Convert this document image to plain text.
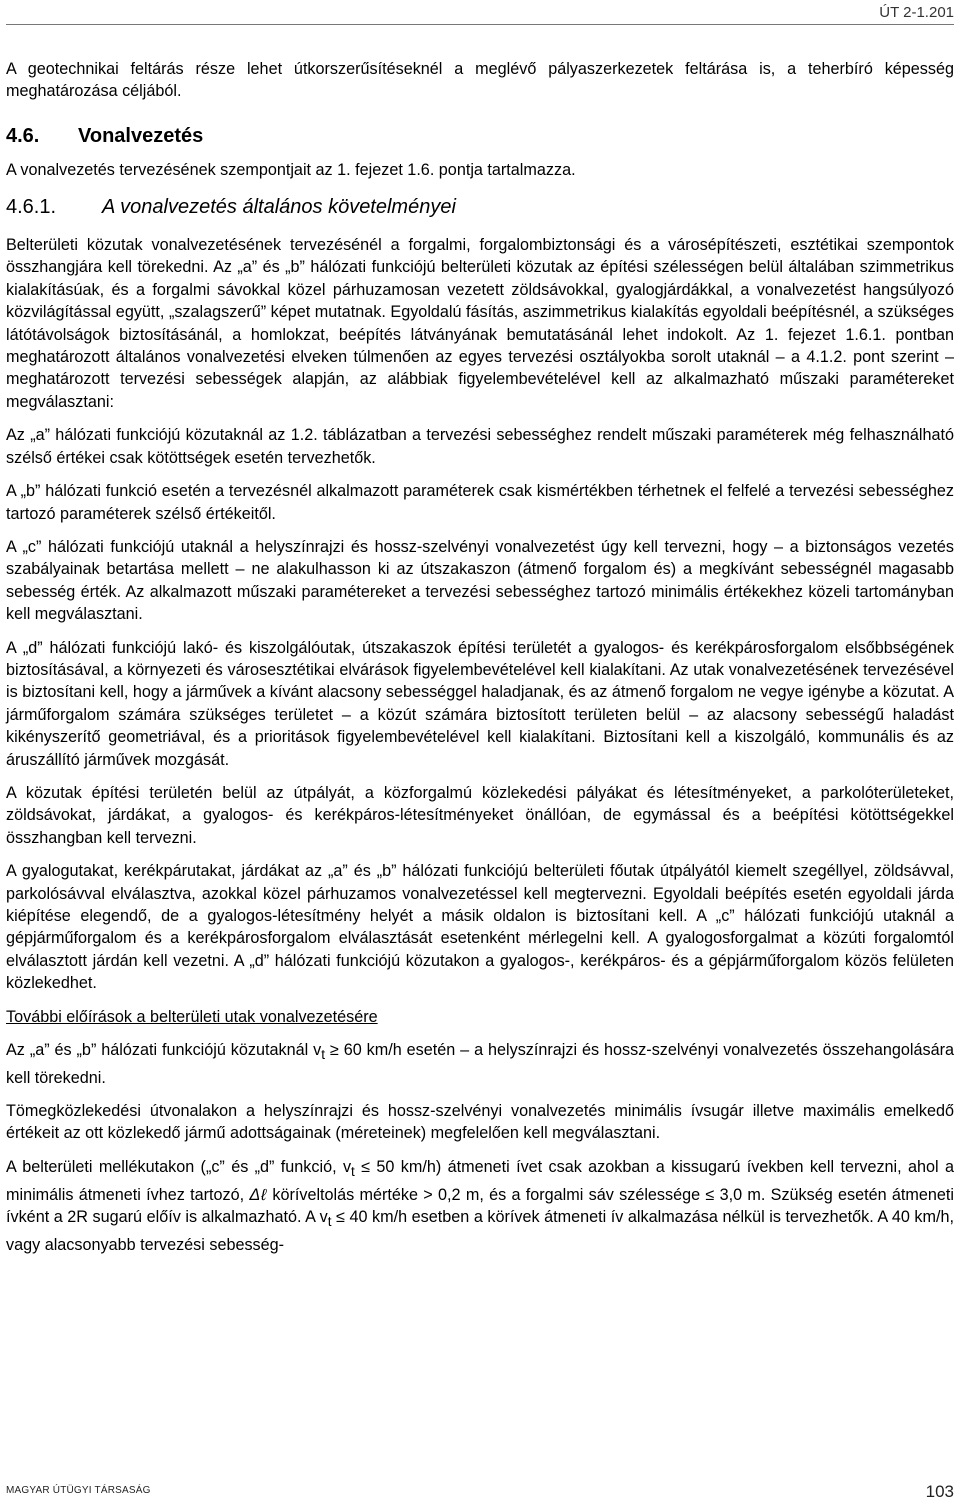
ÚT 2-1.201

A geotechnikai feltárás része lehet útkorszerűsítéseknél a meglévő pályaszerkezetek feltárása is, a teherbíró képesség meghatározása céljából.

4.6. Vonalvezetés

A vonalvezetés tervezésének szempontjait az 1. fejezet 1.6. pontja tartalmazza.

4.6.1. A vonalvezetés általános követelményei

Belterületi közutak vonalvezetésének tervezésénél a forgalmi, forgalombiztonsági és a városépítészeti, esztétikai szempontok összhangjára kell törekedni. Az „a” és „b” hálózati funkciójú belterületi közutak az építési szélességen belül általában szimmetrikus kialakításúak, és a forgalmi sávokkal közel párhuzamosan vezetett zöldsávokkal, gyalogjárdákkal, a vonalvezetést hangsúlyozó közvilágítással együtt, „szalagszerű” képet mutatnak. Egyoldalú fásítás, aszimmetrikus kialakítás egyoldali beépítésnél, a szükséges látótávolságok biztosításánál, a homlokzat, beépítés látványának bemutatásánál lehet indokolt. Az 1. fejezet 1.6.1. pontban meghatározott általános vonalvezetési elveken túlmenően az egyes tervezési osztályokba sorolt utaknál – a 4.1.2. pont szerint – meghatározott tervezési sebességek alapján, az alábbiak figyelembevételével kell az alkalmazható műszaki paramétereket megválasztani:

Az „a” hálózati funkciójú közutaknál az 1.2. táblázatban a tervezési sebességhez rendelt műszaki paraméterek még felhasználható szélső értékei csak kötöttségek esetén tervezhetők.

A „b” hálózati funkció esetén a tervezésnél alkalmazott paraméterek csak kismértékben térhetnek el felfelé a tervezési sebességhez tartozó paraméterek szélső értékeitől.

A „c” hálózati funkciójú utaknál a helyszínrajzi és hossz-szelvényi vonalvezetést úgy kell tervezni, hogy – a biztonságos vezetés szabályainak betartása mellett – ne alakulhasson ki az útszakaszon (átmenő forgalom és) a megkívánt sebességnél magasabb sebesség érték. Az alkalmazott műszaki paramétereket a tervezési sebességhez tartozó minimális értékekhez közeli tartományban kell megválasztani.

A „d” hálózati funkciójú lakó- és kiszolgálóutak, útszakaszok építési területét a gyalogos- és kerékpárosforgalom elsőbbségének biztosításával, a környezeti és városesztétikai elvárások figyelembevételével kell kialakítani. Az utak vonalvezetésének tervezésével is biztosítani kell, hogy a járművek a kívánt alacsony sebességgel haladjanak, és az átmenő forgalom ne vegye igénybe a közutat. A járműforgalom számára szükséges területet – a közút számára biztosított területen belül – az alacsony sebességű haladást kikényszerítő geometriával, és a prioritások figyelembevételével kell kialakítani. Biztosítani kell a kiszolgáló, kommunális és az áruszállító járművek mozgását.

A közutak építési területén belül az útpályát, a közforgalmú közlekedési pályákat és létesítményeket, a parkolóterületeket, zöldsávokat, járdákat, a gyalogos- és kerékpáros-létesítményeket önállóan, de egymással és a beépítési kötöttségekkel összhangban kell tervezni.

A gyalogutakat, kerékpárutakat, járdákat az „a” és „b” hálózati funkciójú belterületi főutak útpályától kiemelt szegéllyel, zöldsávval, parkolósávval elválasztva, azokkal közel párhuzamos vonalvezetéssel kell megtervezni. Egyoldali beépítés esetén egyoldali járda kiépítése elegendő, de a gyalogos-létesítmény helyét a másik oldalon is biztosítani kell. A „c” hálózati funkciójú utaknál a gépjárműforgalom és a kerékpárosforgalom elválasztását esetenként mérlegelni kell. A gyalogosforgalmat a közúti forgalomtól elválasztott járdán kell vezetni. A „d” hálózati funkciójú közutakon a gyalogos-, kerékpáros- és a gépjárműforgalom közös felületen közlekedhet.

További előírások a belterületi utak vonalvezetésére

Az „a” és „b” hálózati funkciójú közutaknál $v_t \ge 60$ km/h esetén – a helyszínrajzi és hossz-szelvényi vonalvezetés összehangolására kell törekedni.

Tömegközlekedési útvonalakon a helyszínrajzi és hossz-szelvényi vonalvezetés minimális ívsugár illetve maximális emelkedő értékeit az ott közlekedő jármű adottságainak (méreteinek) megfelelően kell megválasztani.

A belterületi mellékutakon („c” és „d” funkció, $v_t \le 50$ km/h) átmeneti ívet csak azokban a kissugarú ívekben kell tervezni, ahol a minimális átmeneti ívhez tartozó, Δℓ köríveltolás mértéke > 0,2 m, és a forgalmi sáv szélessége ≤ 3,0 m. Szükség esetén átmeneti ívként a 2R sugarú előív is alkalmazható. A $v_t \le 40$ km/h esetben a körívek átmeneti ív alkalmazása nélkül is tervezhetők. A 40 km/h, vagy alacsonyabb tervezési sebesség-

MAGYAR ÚTÜGYI TÁRSASÁG	103
